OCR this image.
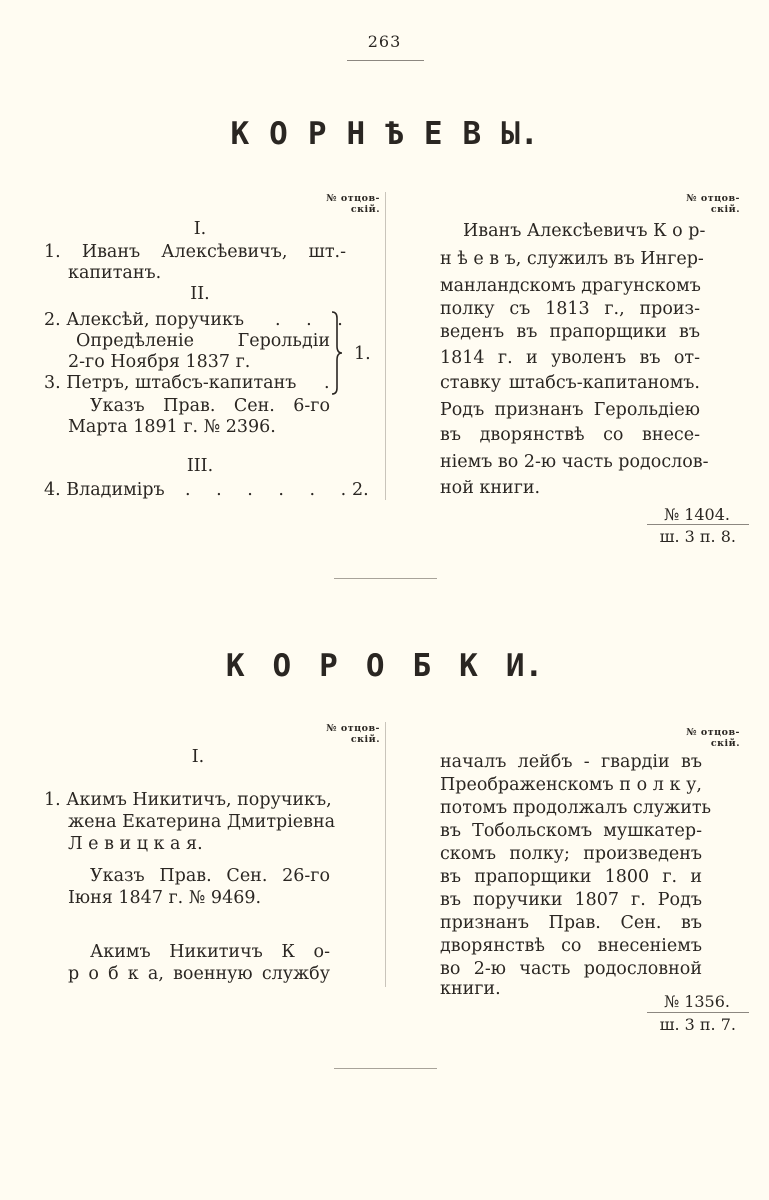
263
К О Р Н Ѣ Е В Ы.
№ отцов-
скій.
№ отцов-
скій.
I.
1. Иванъ Алексѣевичъ, шт.-
капитанъ.
II.
2. Алексѣй, поручикъ . . .
Опредѣленіе Герольдіи
2-го Ноября 1837 г.
3. Петръ, штабсъ-капитанъ .
Указъ Прав. Сен. 6-го
Марта 1891 г. № 2396.
1.
III.
4. Владиміръ . . . . . .
2.
Иванъ Алексѣевичъ К о р-
н ѣ е в ъ, служилъ въ Ингер-
манландскомъ драгунскомъ
полку съ 1813 г., произ-
веденъ въ прапорщики въ
1814 г. и уволенъ въ от-
ставку штабсъ-капитаномъ.
Родъ признанъ Герольдіею
въ дворянствѣ со внесе-
ніемъ во 2-ю часть родослов-
ной книги.
№ 1404.
ш. 3 п. 8.
К О Р О Б К И.
№ отцов-
скій.
№ отцов-
скій.
I.
1. Акимъ Никитичъ, поручикъ,
жена Екатерина Дмитріевна
Л е в и ц к а я.
Указъ Прав. Сен. 26-го
Іюня 1847 г. № 9469.
Акимъ Никитичъ К о-
р о б к а, военную службу
началъ лейбъ - гвардіи въ
Преображенскомъ п о л к у,
потомъ продолжалъ служить
въ Тобольскомъ мушкатер-
скомъ полку; произведенъ
въ прапорщики 1800 г. и
въ поручики 1807 г. Родъ
признанъ Прав. Сен. въ
дворянствѣ со внесеніемъ
во 2-ю часть родословной
книги.
№ 1356.
ш. 3 п. 7.
